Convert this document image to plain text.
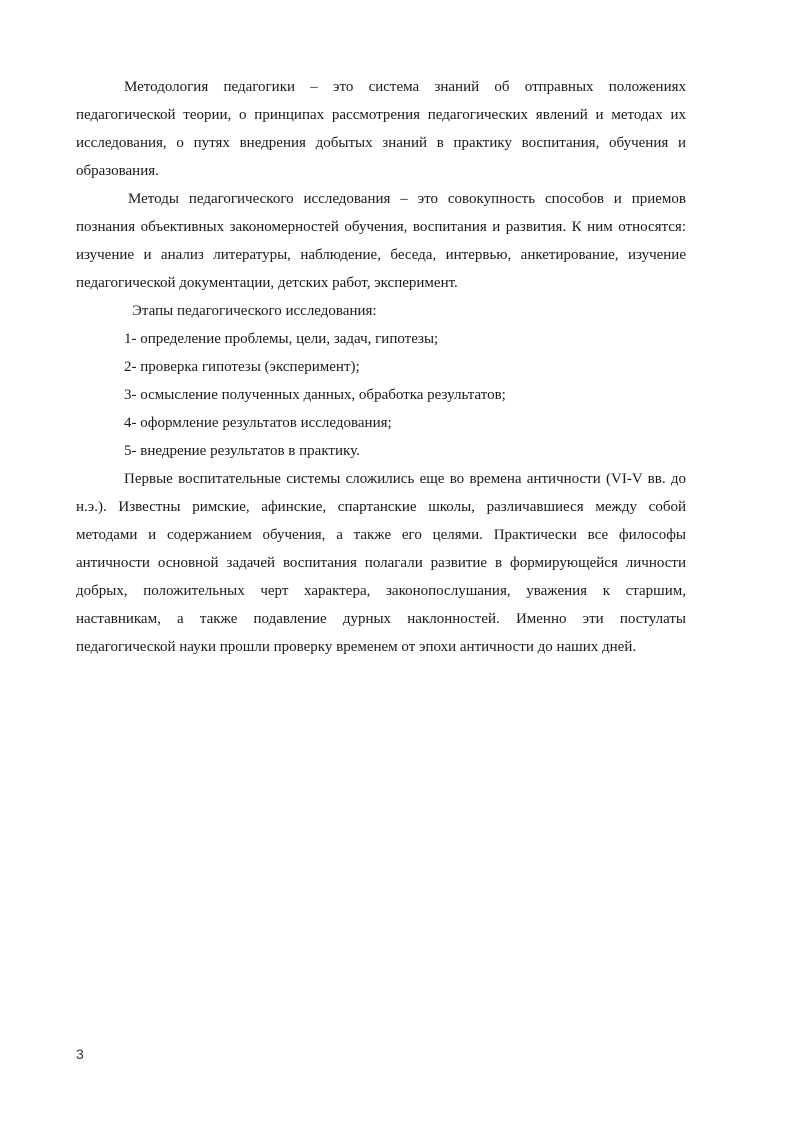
Методология педагогики – это система знаний об отправных положениях педагогической теории, о принципах рассмотрения педагогических явлений и методах их исследования, о путях внедрения добытых знаний в практику воспитания, обучения и образования.

Методы педагогического исследования – это совокупность способов и приемов познания объективных закономерностей обучения, воспитания и развития. К ним относятся: изучение и анализ литературы, наблюдение, беседа, интервью, анкетирование, изучение педагогической документации, детских работ, эксперимент.

Этапы педагогического исследования:

1- определение проблемы, цели, задач, гипотезы;
2- проверка гипотезы (эксперимент);
3- осмысление полученных данных, обработка результатов;
4- оформление результатов исследования;
5- внедрение результатов в практику.

Первые воспитательные системы сложились еще во времена античности (VI-V вв. до н.э.). Известны римские, афинские, спартанские школы, различавшиеся между собой методами и содержанием обучения, а также его целями. Практически все философы античности основной задачей воспитания полагали развитие в формирующейся личности добрых, положительных черт характера, законопослушания, уважения к старшим, наставникам, а также подавление дурных наклонностей. Именно эти постулаты педагогической науки прошли проверку временем от эпохи античности до наших дней.

3
